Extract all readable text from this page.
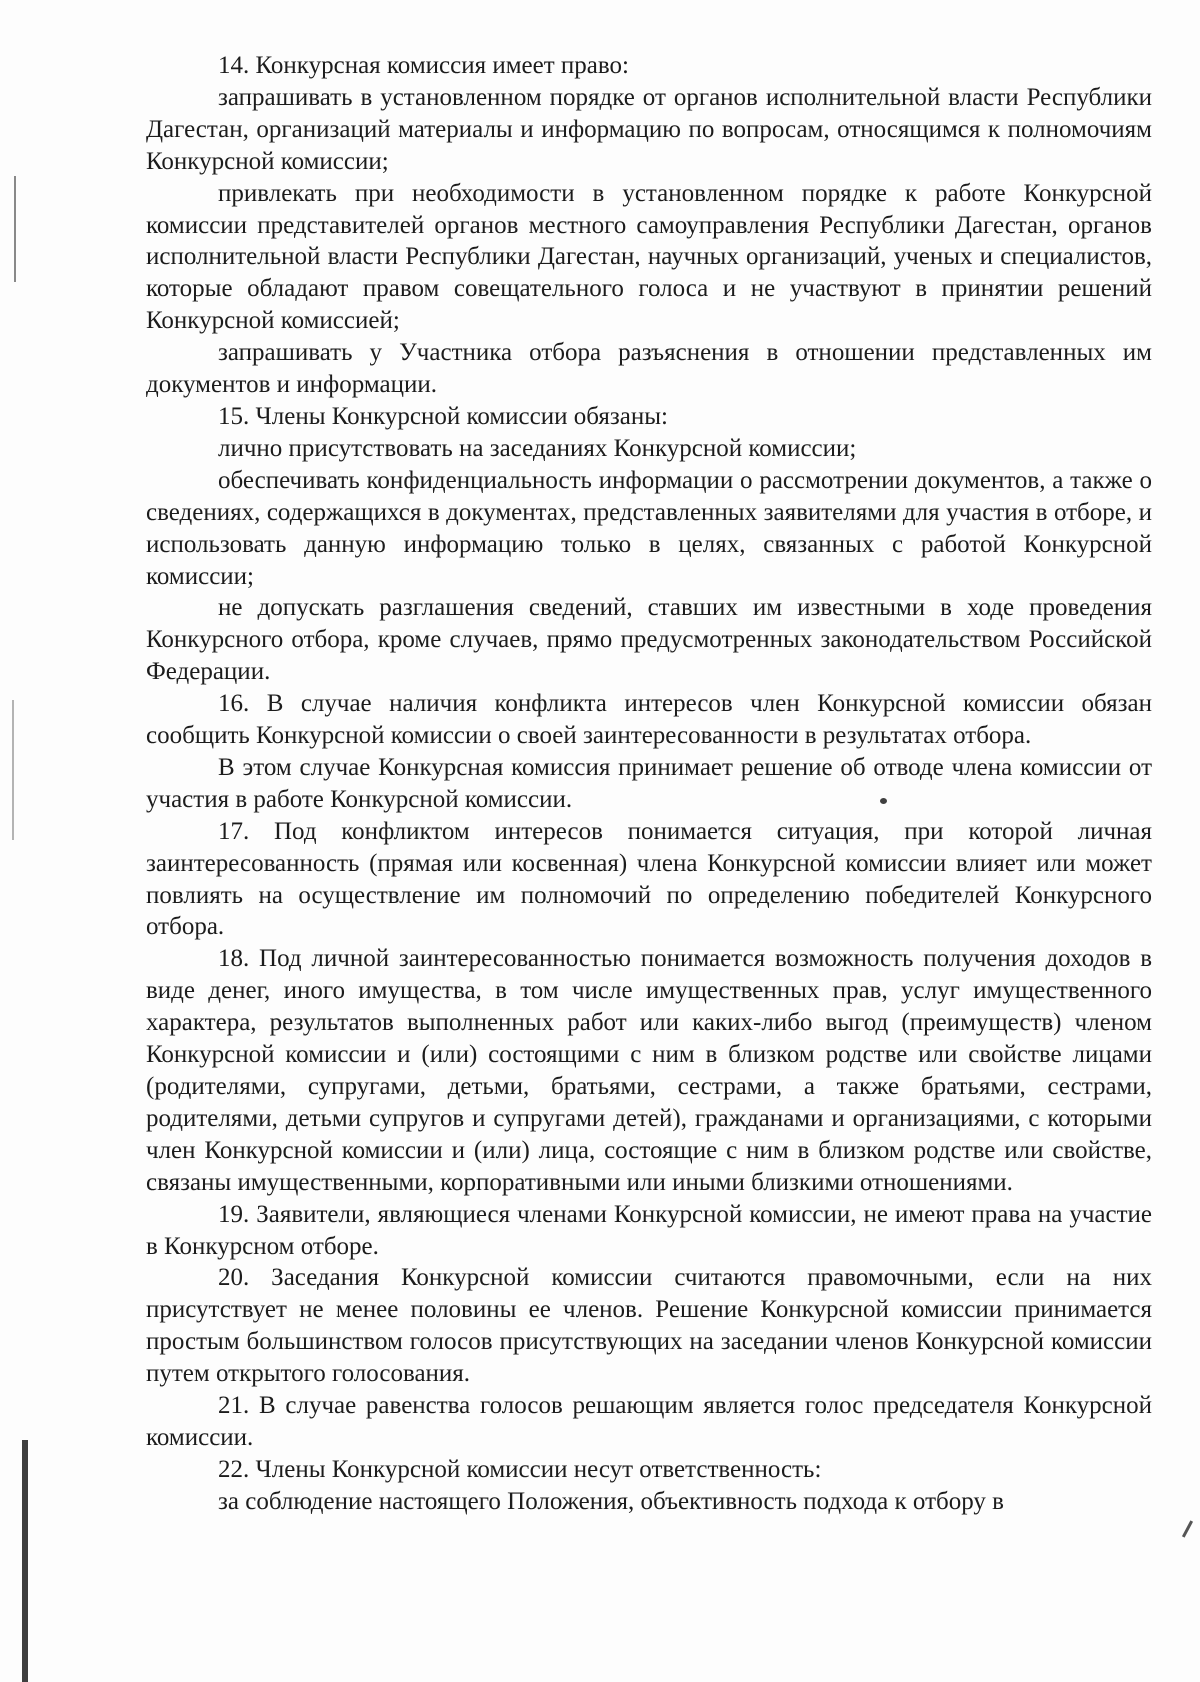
14. Конкурсная комиссия имеет право:

запрашивать в установленном порядке от органов исполнительной власти Республики Дагестан, организаций материалы и информацию по вопросам, относящимся к полномочиям Конкурсной комиссии;

привлекать при необходимости в установленном порядке к работе Конкурсной комиссии представителей органов местного самоуправления Республики Дагестан, органов исполнительной власти Республики Дагестан, научных организаций, ученых и специалистов, которые обладают правом совещательного голоса и не участвуют в принятии решений Конкурсной комиссией;

запрашивать у Участника отбора разъяснения в отношении представленных им документов и информации.

15. Члены Конкурсной комиссии обязаны:

лично присутствовать на заседаниях Конкурсной комиссии;

обеспечивать конфиденциальность информации о рассмотрении документов, а также о сведениях, содержащихся в документах, представленных заявителями для участия в отборе, и использовать данную информацию только в целях, связанных с работой Конкурсной комиссии;

не допускать разглашения сведений, ставших им известными в ходе проведения Конкурсного отбора, кроме случаев, прямо предусмотренных законодательством Российской Федерации.

16. В случае наличия конфликта интересов член Конкурсной комиссии обязан сообщить Конкурсной комиссии о своей заинтересованности в результатах отбора.

В этом случае Конкурсная комиссия принимает решение об отводе члена комиссии от участия в работе Конкурсной комиссии.

17. Под конфликтом интересов понимается ситуация, при которой личная заинтересованность (прямая или косвенная) члена Конкурсной комиссии влияет или может повлиять на осуществление им полномочий по определению победителей Конкурсного отбора.

18. Под личной заинтересованностью понимается возможность получения доходов в виде денег, иного имущества, в том числе имущественных прав, услуг имущественного характера, результатов выполненных работ или каких-либо выгод (преимуществ) членом Конкурсной комиссии и (или) состоящими с ним в близком родстве или свойстве лицами (родителями, супругами, детьми, братьями, сестрами, а также братьями, сестрами, родителями, детьми супругов и супругами детей), гражданами и организациями, с которыми член Конкурсной комиссии и (или) лица, состоящие с ним в близком родстве или свойстве, связаны имущественными, корпоративными или иными близкими отношениями.

19. Заявители, являющиеся членами Конкурсной комиссии, не имеют права на участие в Конкурсном отборе.

20. Заседания Конкурсной комиссии считаются правомочными, если на них присутствует не менее половины ее членов. Решение Конкурсной комиссии принимается простым большинством голосов присутствующих на заседании членов Конкурсной комиссии путем открытого голосования.

21. В случае равенства голосов решающим является голос председателя Конкурсной комиссии.

22. Члены Конкурсной комиссии несут ответственность:

за соблюдение настоящего Положения, объективность подхода к отбору в
